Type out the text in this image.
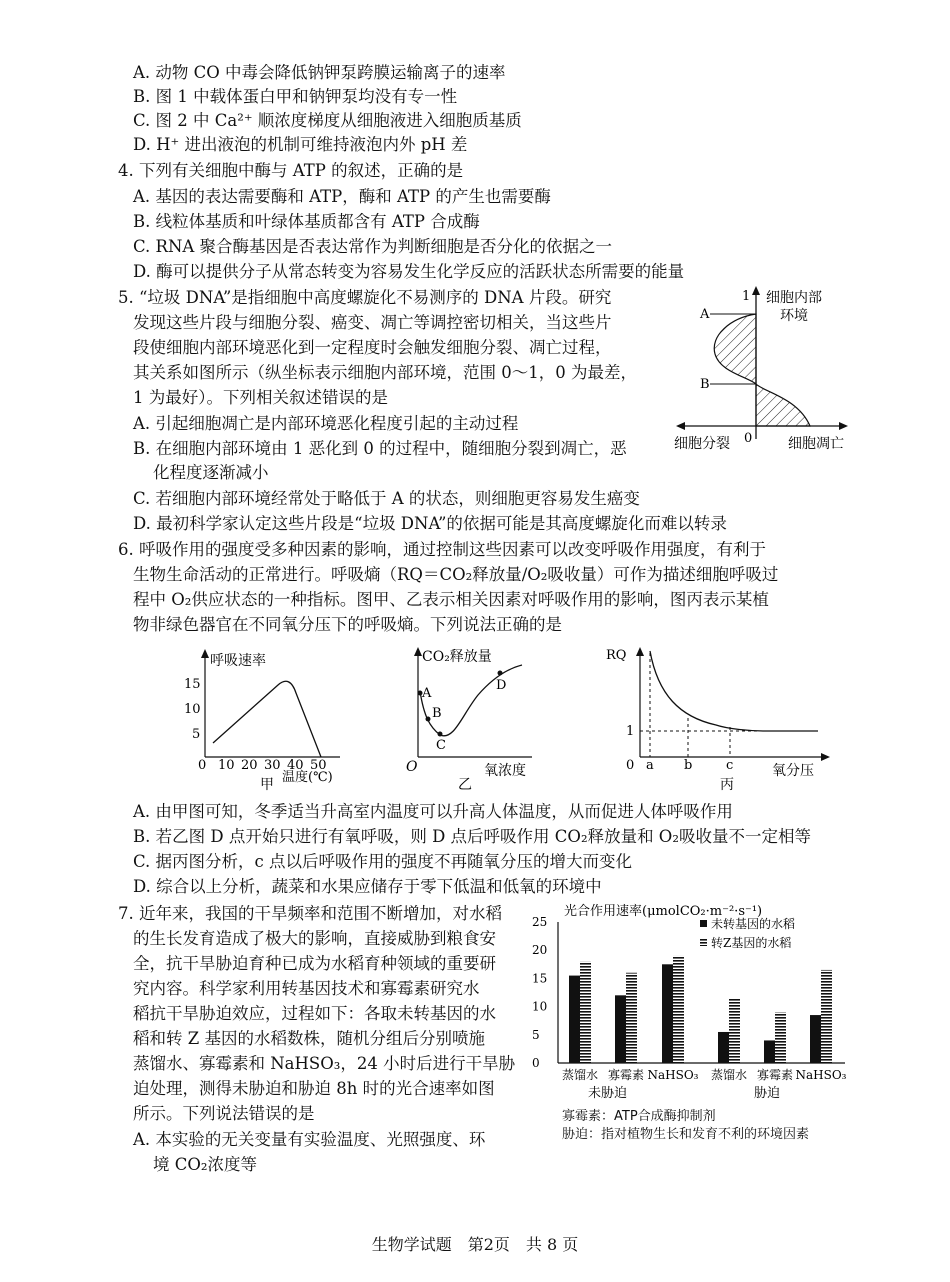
A. 动物 CO 中毒会降低钠钾泵跨膜运输离子的速率
B. 图 1 中载体蛋白甲和钠钾泵均没有专一性
C. 图 2 中 Ca²⁺ 顺浓度梯度从细胞液进入细胞质基质
D. H⁺ 进出液泡的机制可维持液泡内外 pH 差
4. 下列有关细胞中酶与 ATP 的叙述，正确的是
A. 基因的表达需要酶和 ATP，酶和 ATP 的产生也需要酶
B. 线粒体基质和叶绿体基质都含有 ATP 合成酶
C. RNA 聚合酶基因是否表达常作为判断细胞是否分化的依据之一
D. 酶可以提供分子从常态转变为容易发生化学反应的活跃状态所需要的能量
5. “垃圾 DNA”是指细胞中高度螺旋化不易测序的 DNA 片段。研究
发现这些片段与细胞分裂、癌变、凋亡等调控密切相关，当这些片
段使细胞内部环境恶化到一定程度时会触发细胞分裂、凋亡过程，
其关系如图所示（纵坐标表示细胞内部环境，范围 0～1，0 为最差，
1 为最好）。下列相关叙述错误的是
A. 引起细胞凋亡是内部环境恶化程度引起的主动过程
B. 在细胞内部环境由 1 恶化到 0 的过程中，随细胞分裂到凋亡，恶
化程度逐渐减小
C. 若细胞内部环境经常处于略低于 A 的状态，则细胞更容易发生癌变
D. 最初科学家认定这些片段是“垃圾 DNA”的依据可能是其高度螺旋化而难以转录
A
B
1
0
细胞内部
环境
细胞分裂	细胞凋亡
6. 呼吸作用的强度受多种因素的影响，通过控制这些因素可以改变呼吸作用强度，有利于
生物生命活动的正常进行。呼吸熵（RQ＝CO₂释放量/O₂吸收量）可作为描述细胞呼吸过
程中 O₂供应状态的一种指标。图甲、乙表示相关因素对呼吸作用的影响，图丙表示某植
物非绿色器官在不同氧分压下的呼吸熵。下列说法正确的是
呼吸速率
15
10
5
0 10 20 30 40 50
温度(℃)
甲
CO₂释放量
O
A
B
C
D
氧浓度
乙
RQ
1
0 a b	c	氧分压
丙
A. 由甲图可知，冬季适当升高室内温度可以升高人体温度，从而促进人体呼吸作用
B. 若乙图 D 点开始只进行有氧呼吸，则 D 点后呼吸作用 CO₂释放量和 O₂吸收量不一定相等
C. 据丙图分析，c 点以后呼吸作用的强度不再随氧分压的增大而变化
D. 综合以上分析，蔬菜和水果应储存于零下低温和低氧的环境中
7. 近年来，我国的干旱频率和范围不断增加，对水稻
的生长发育造成了极大的影响，直接威胁到粮食安
全，抗干旱胁迫育种已成为水稻育种领域的重要研
究内容。科学家利用转基因技术和寡霉素研究水
稻抗干旱胁迫效应，过程如下：各取未转基因的水
稻和转 Z 基因的水稻数株，随机分组后分别喷施
蒸馏水、寡霉素和 NaHSO₃，24 小时后进行干旱胁
迫处理，测得未胁迫和胁迫 8h 时的光合速率如图
所示。下列说法错误的是
A. 本实验的无关变量有实验温度、光照强度、环
境 CO₂浓度等
光合作用速率(μmolCO₂·m⁻²·s⁻¹)
25
20
15
10
5
0
蒸馏水 寡霉素 NaHSO₃ 蒸馏水 寡霉素 NaHSO₃
未转基因的水稻
转Z基因的水稻
未胁迫	胁迫
寡霉素：ATP合成酶抑制剂
胁迫：指对植物生长和发育不利的环境因素
生物学试题　第2页　共 8 页
